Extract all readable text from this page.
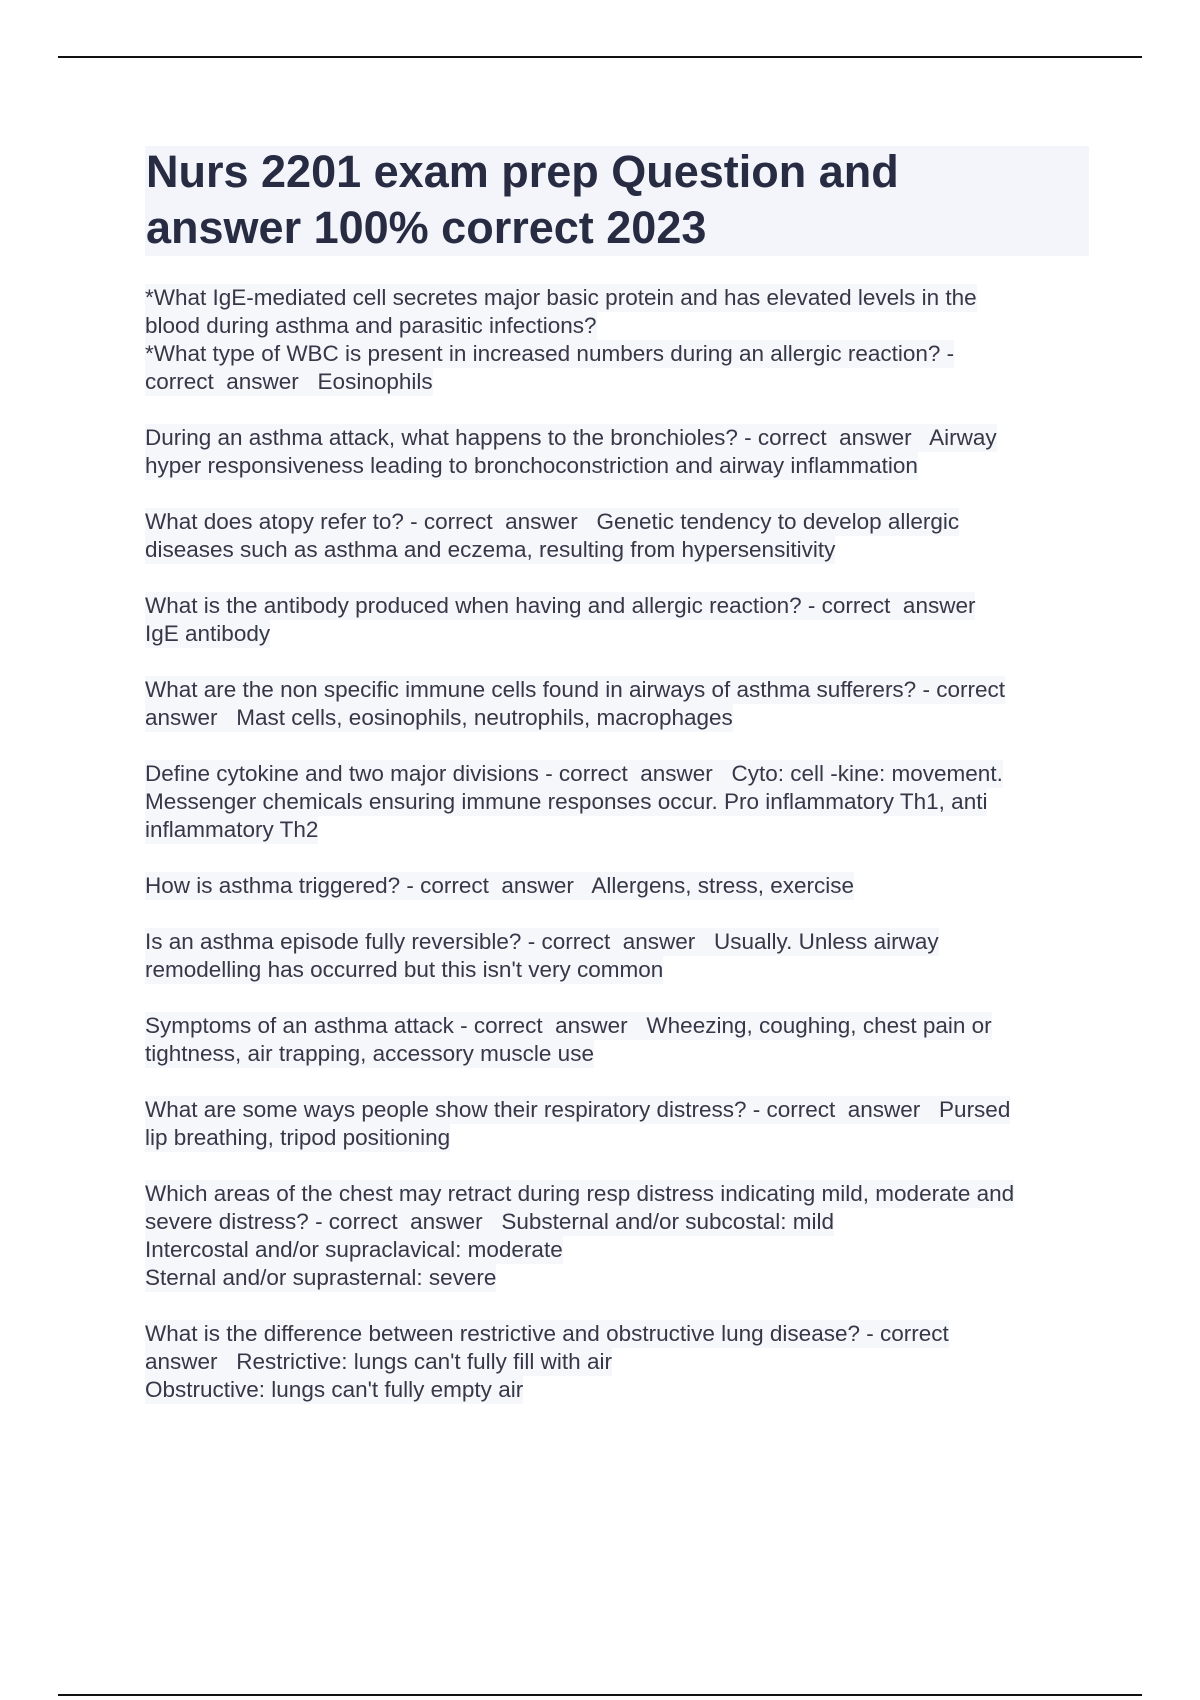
Nurs 2201 exam prep Question and
answer 100% correct 2023
*What IgE-mediated cell secretes major basic protein and has elevated levels in the
blood during asthma and parasitic infections?
*What type of WBC is present in increased numbers during an allergic reaction? -
correct  answer   Eosinophils
During an asthma attack, what happens to the bronchioles? - correct  answer   Airway
hyper responsiveness leading to bronchoconstriction and airway inflammation
What does atopy refer to? - correct  answer   Genetic tendency to develop allergic
diseases such as asthma and eczema, resulting from hypersensitivity
What is the antibody produced when having and allergic reaction? - correct  answer
IgE antibody
What are the non specific immune cells found in airways of asthma sufferers? - correct
answer   Mast cells, eosinophils, neutrophils, macrophages
Define cytokine and two major divisions - correct  answer   Cyto: cell -kine: movement.
Messenger chemicals ensuring immune responses occur. Pro inflammatory Th1, anti
inflammatory Th2
How is asthma triggered? - correct  answer   Allergens, stress, exercise
Is an asthma episode fully reversible? - correct  answer   Usually. Unless airway
remodelling has occurred but this isn't very common
Symptoms of an asthma attack - correct  answer   Wheezing, coughing, chest pain or
tightness, air trapping, accessory muscle use
What are some ways people show their respiratory distress? - correct  answer   Pursed
lip breathing, tripod positioning
Which areas of the chest may retract during resp distress indicating mild, moderate and
severe distress? - correct  answer   Substernal and/or subcostal: mild
Intercostal and/or supraclavical: moderate
Sternal and/or suprasternal: severe
What is the difference between restrictive and obstructive lung disease? - correct
answer   Restrictive: lungs can't fully fill with air
Obstructive: lungs can't fully empty air
